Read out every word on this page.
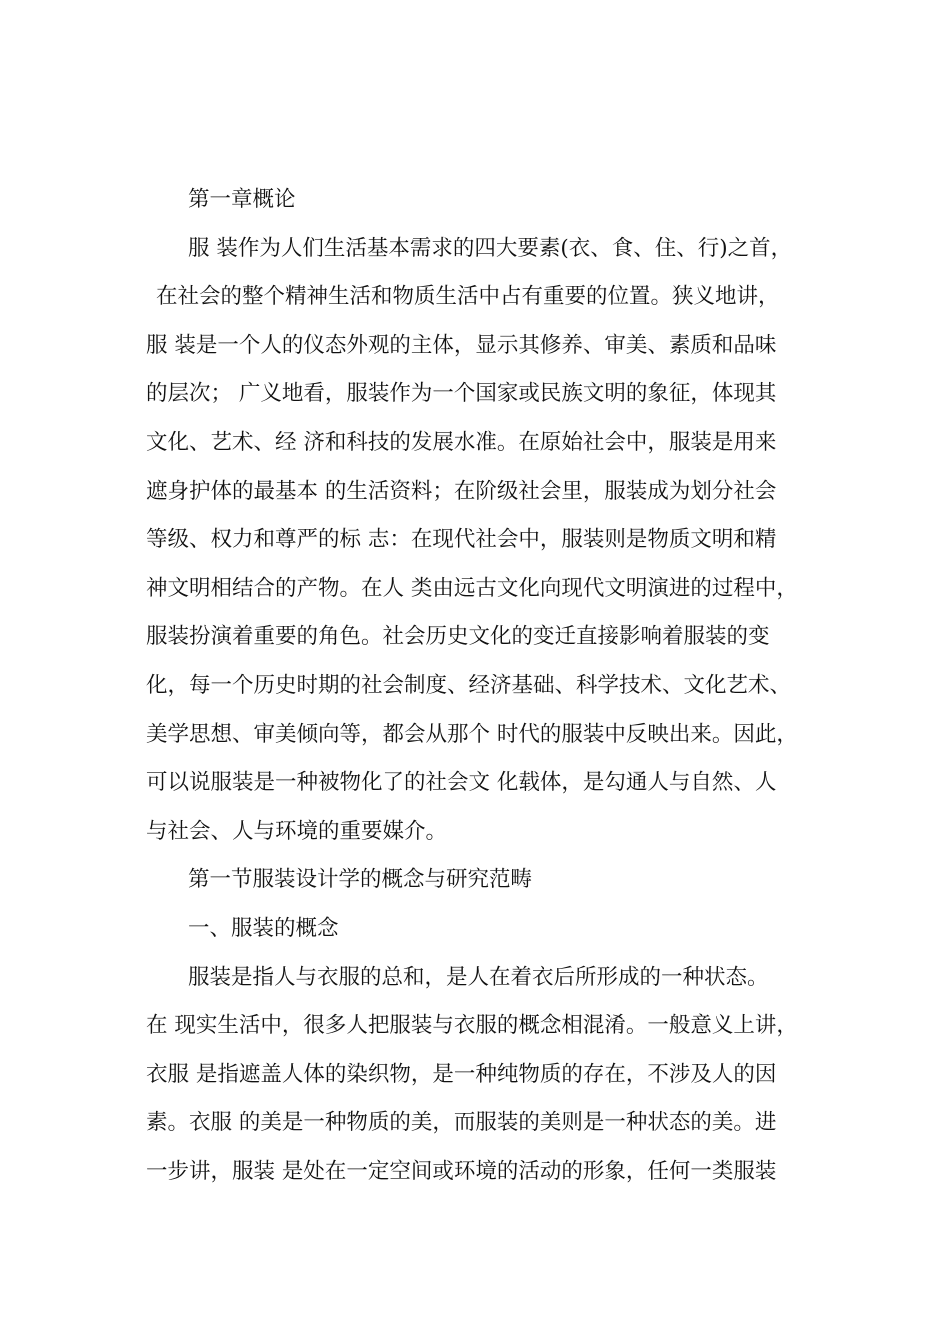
第一章概论

服 装作为人们生活基本需求的四大要素(衣、食、住、行)之首，

在社会的整个精神生活和物质生活中占有重要的位置。狭义地讲，

服 装是一个人的仪态外观的主体，显示其修养、审美、素质和品味

的层次； 广义地看，服装作为一个国家或民族文明的象征，体现其

文化、艺术、经 济和科技的发展水准。在原始社会中，服装是用来

遮身护体的最基本 的生活资料；在阶级社会里，服装成为划分社会

等级、权力和尊严的标 志：在现代社会中，服装则是物质文明和精

神文明相结合的产物。在人 类由远古文化向现代文明演进的过程中，

服装扮演着重要的角色。社会历史文化的变迁直接影响着服装的变

化，每一个历史时期的社会制度、经济基础、科学技术、文化艺术、

美学思想、审美倾向等，都会从那个 时代的服装中反映出来。因此，

可以说服装是一种被物化了的社会文 化载体，是勾通人与自然、人

与社会、人与环境的重要媒介。

第一节服装设计学的概念与研究范畴

一、服装的概念

服装是指人与衣服的总和，是人在着衣后所形成的一种状态。

在 现实生活中，很多人把服装与衣服的概念相混淆。一般意义上讲，

衣服 是指遮盖人体的染织物，是一种纯物质的存在，不涉及人的因

素。衣服 的美是一种物质的美，而服装的美则是一种状态的美。进

一步讲，服装 是处在一定空间或环境的活动的形象，任何一类服装
